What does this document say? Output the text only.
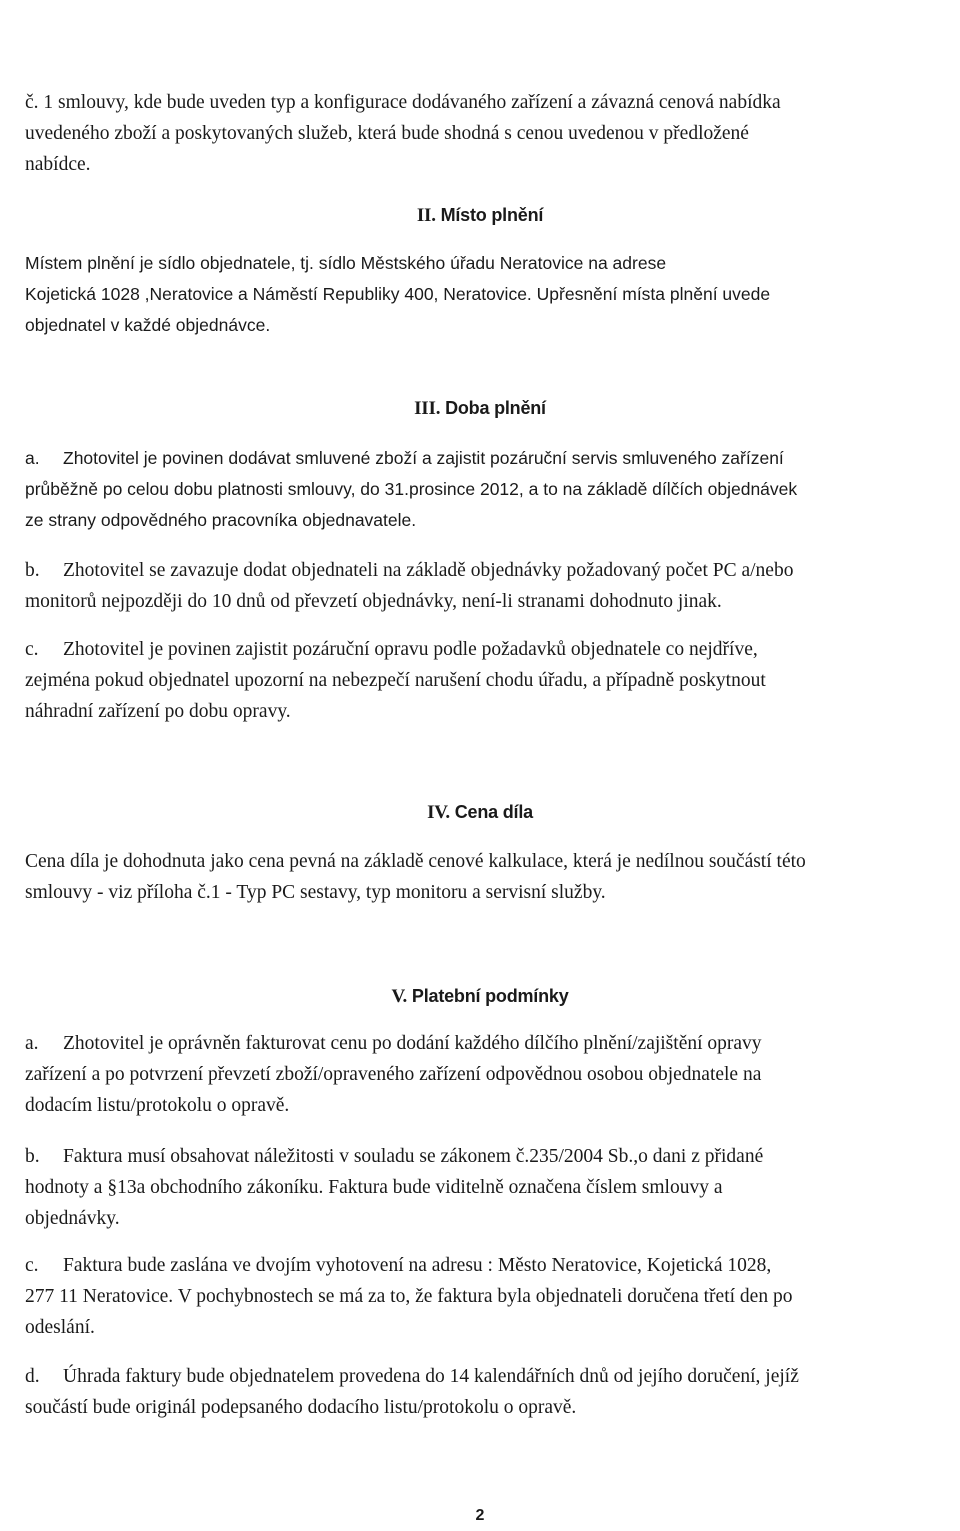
č. 1 smlouvy, kde bude uveden typ a konfigurace dodávaného zařízení a závazná cenová nabídka

uvedeného zboží a poskytovaných služeb, která bude shodná s cenou uvedenou v předložené

nabídce.

II. Místo plnění

Místem plnění je sídlo objednatele, tj. sídlo Městského úřadu Neratovice na adrese

Kojetická 1028 ,Neratovice a Náměstí Republiky 400, Neratovice. Upřesnění místa plnění uvede

objednatel v každé objednávce.

III. Doba plnění
a.	Zhotovitel je povinen dodávat smluvené zboží a zajistit pozáruční servis smluveného zařízení

průběžně po celou dobu platnosti smlouvy, do 31.prosince 2012, a to na základě dílčích objednávek

ze strany odpovědného pracovníka objednavatele.

b.	Zhotovitel se zavazuje dodat objednateli na základě objednávky požadovaný počet PC a/nebo

monitorů nejpozději do 10 dnů od převzetí objednávky, není-li stranami dohodnuto jinak.

c.	Zhotovitel je povinen zajistit pozáruční opravu podle požadavků objednatele co nejdříve,

zejména pokud objednatel upozorní na nebezpečí narušení chodu úřadu, a případně poskytnout

náhradní zařízení po dobu opravy.

IV. Cena díla

Cena díla je dohodnuta jako cena pevná na základě cenové kalkulace, která je nedílnou součástí této

smlouvy - viz příloha č.1 - Typ PC sestavy, typ monitoru a servisní služby.

V. Platební podmínky
a.	Zhotovitel je oprávněn fakturovat cenu po dodání každého dílčího plnění/zajištění opravy

zařízení a po potvrzení převzetí zboží/opraveného zařízení odpovědnou osobou objednatele na

dodacím listu/protokolu o opravě.

b.	Faktura musí obsahovat náležitosti v souladu se zákonem č.235/2004 Sb.,o dani z přidané

hodnoty a §13a obchodního zákoníku. Faktura bude viditelně označena číslem smlouvy a

objednávky.

c.	Faktura bude zaslána ve dvojím vyhotovení na adresu : Město Neratovice, Kojetická 1028,

277 11 Neratovice. V pochybnostech se má za to, že faktura byla objednateli doručena třetí den po

odeslání.

d.	Úhrada faktury bude objednatelem provedena do 14 kalendářních dnů od jejího doručení, jejíž

součástí bude originál podepsaného dodacího listu/protokolu o opravě.

2
